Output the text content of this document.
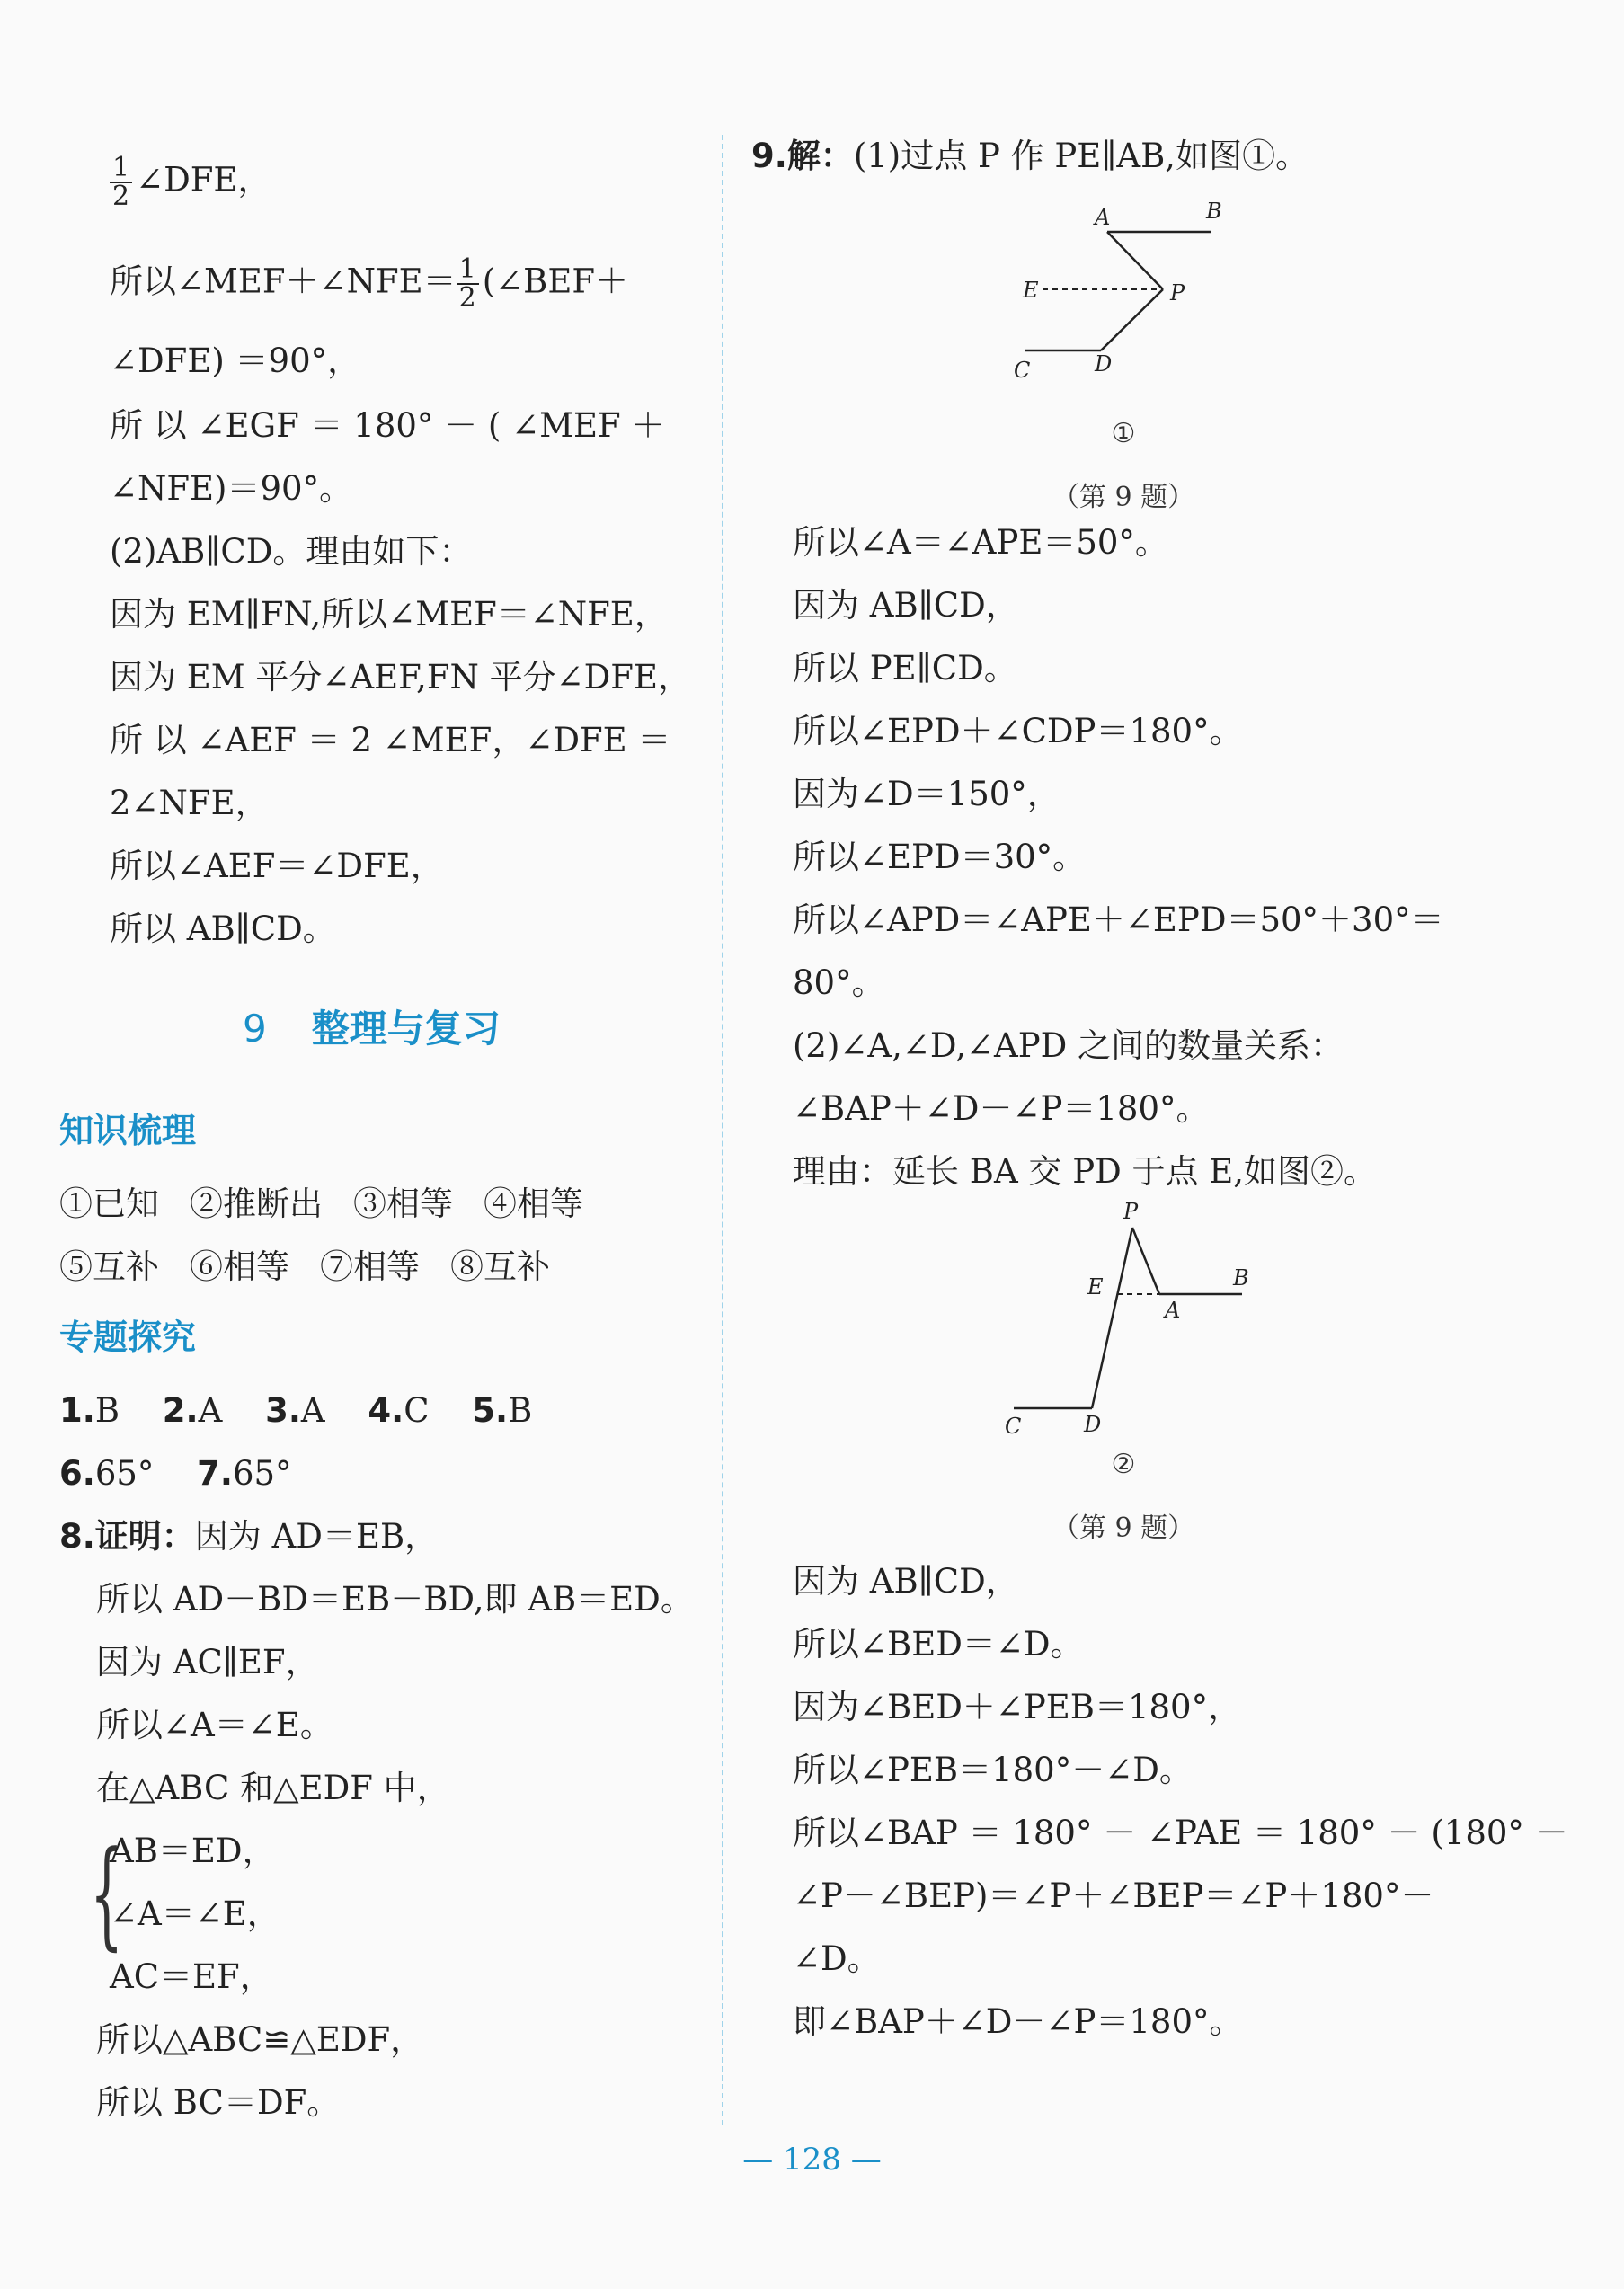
$\frac{1}{2}$ ∠DFE，
所以∠MEF＋∠NFE＝ $\frac{1}{2}$ (∠BEF＋
∠DFE) ＝90°，
所 以 ∠EGF ＝ 180° － ( ∠MEF ＋
∠NFE)＝90°。
(2)AB∥CD。理由如下：
因为 EM∥FN,所以∠MEF＝∠NFE，
因为 EM 平分∠AEF,FN 平分∠DFE，
所 以 ∠AEF ＝ 2 ∠MEF，∠DFE ＝
2∠NFE，
所以∠AEF＝∠DFE，
所以 AB∥CD。
9 整理与复习
知识梳理
①已知 ②推断出 ③相等 ④相等
⑤互补 ⑥相等 ⑦相等 ⑧互补
专题探究
1.B 2.A 3.A 4.C 5.B
6.65° 7.65°
8.证明：因为 AD＝EB，
所以 AD－BD＝EB－BD,即 AB＝ED。
因为 AC∥EF，
所以∠A＝∠E。
在△ABC 和△EDF 中，
{
AB＝ED，
∠A＝∠E，
AC＝EF，
所以△ABC≌△EDF，
所以 BC＝DF。
9.解：(1)过点 P 作 PE∥AB,如图①。
A	B
E	P
C	D
①
（第 9 题）
所以∠A＝∠APE＝50°。
因为 AB∥CD，
所以 PE∥CD。
所以∠EPD＋∠CDP＝180°。
因为∠D＝150°，
所以∠EPD＝30°。
所以∠APD＝∠APE＋∠EPD＝50°＋30°＝
80°。
(2)∠A,∠D,∠APD 之间的数量关系：
∠BAP＋∠D－∠P＝180°。
理由：延长 BA 交 PD 于点 E,如图②。
P
E
A
B
C	D
②
（第 9 题）
因为 AB∥CD，
所以∠BED＝∠D。
因为∠BED＋∠PEB＝180°，
所以∠PEB＝180°－∠D。
所以∠BAP ＝ 180° － ∠PAE ＝ 180° － (180° －
∠P－∠BEP)＝∠P＋∠BEP＝∠P＋180°－
∠D。
即∠BAP＋∠D－∠P＝180°。
— 128 —
